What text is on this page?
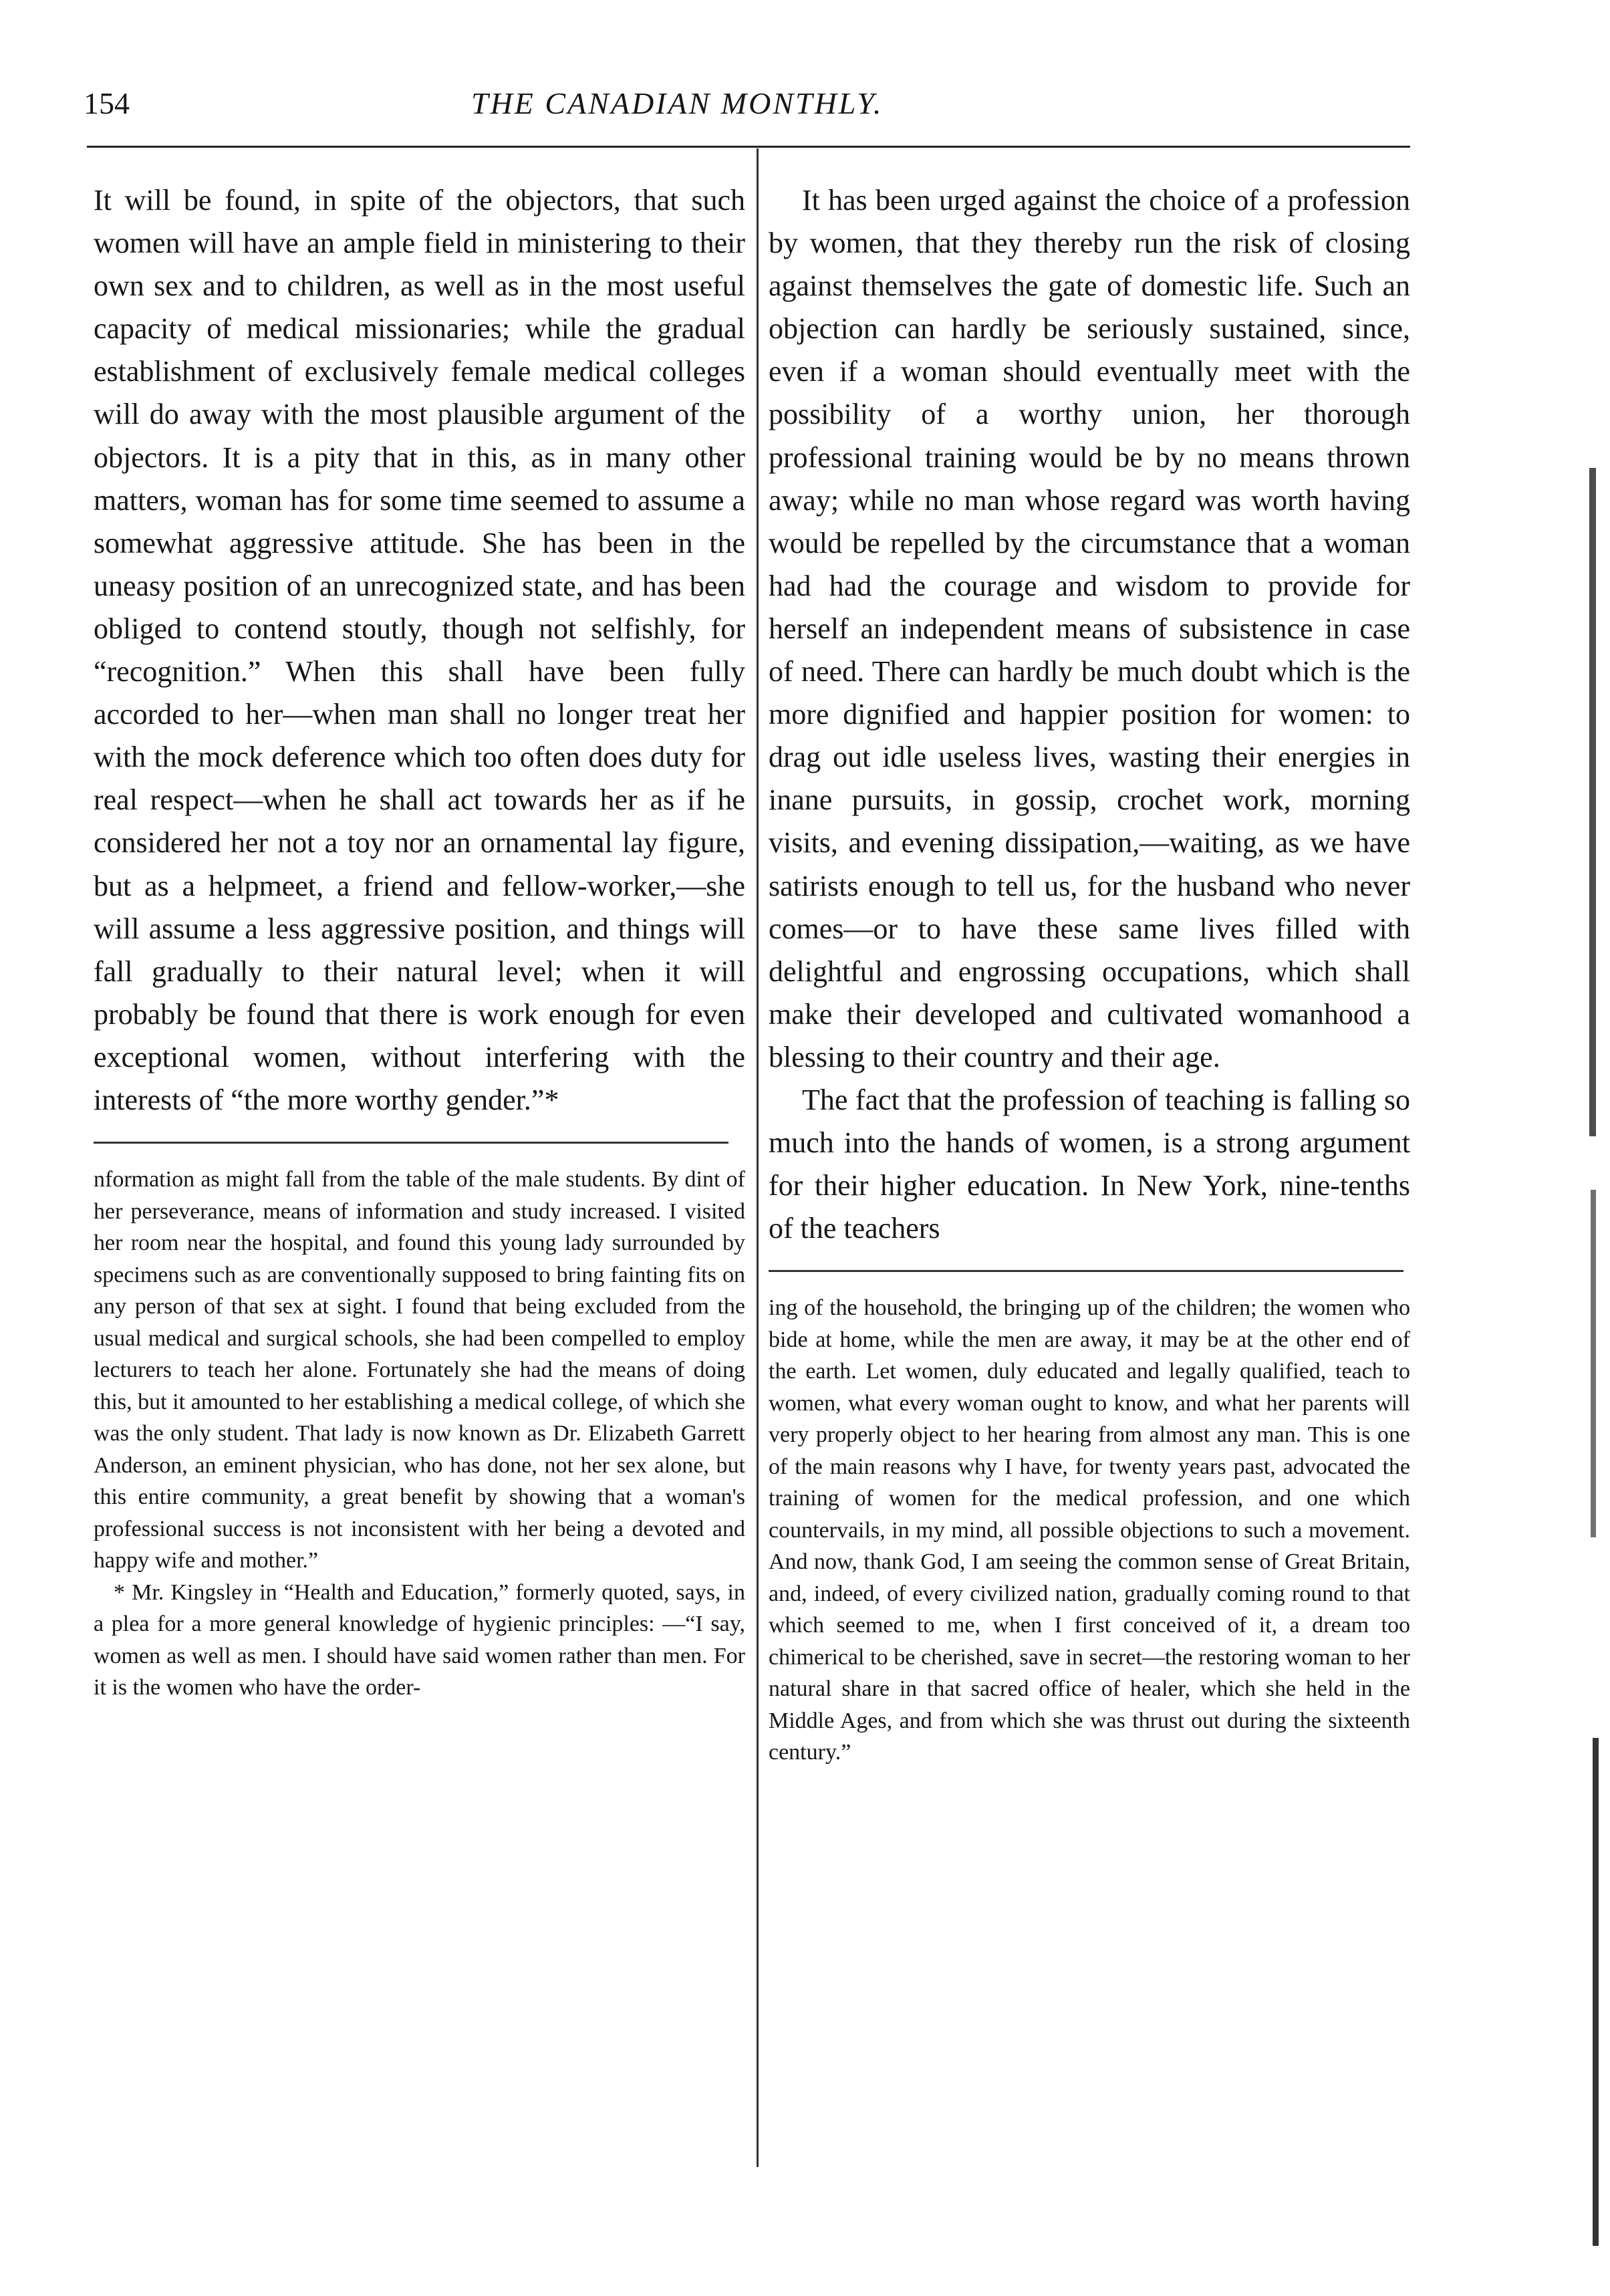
154	THE CANADIAN MONTHLY.

It will be found, in spite of the objectors, that such women will have an ample field in ministering to their own sex and to children, as well as in the most useful capacity of medical missionaries; while the gradual establishment of exclusively female medical colleges will do away with the most plausible argument of the objectors. It is a pity that in this, as in many other matters, woman has for some time seemed to assume a somewhat aggressive attitude. She has been in the uneasy position of an unrecognized state, and has been obliged to contend stoutly, though not selfishly, for “recognition.” When this shall have been fully accorded to her—when man shall no longer treat her with the mock deference which too often does duty for real respect—when he shall act towards her as if he considered her not a toy nor an ornamental lay figure, but as a helpmeet, a friend and fellow-worker,—she will assume a less aggressive position, and things will fall gradually to their natural level; when it will probably be found that there is work enough for even exceptional women, without interfering with the interests of “the more worthy gender.”*

nformation as might fall from the table of the male students. By dint of her perseverance, means of information and study increased. I visited her room near the hospital, and found this young lady surrounded by specimens such as are conventionally supposed to bring fainting fits on any person of that sex at sight. I found that being excluded from the usual medical and surgical schools, she had been compelled to employ lecturers to teach her alone. Fortunately she had the means of doing this, but it amounted to her establishing a medical college, of which she was the only student. That lady is now known as Dr. Elizabeth Garrett Anderson, an eminent physician, who has done, not her sex alone, but this entire community, a great benefit by showing that a woman's professional success is not inconsistent with her being a devoted and happy wife and mother.”

* Mr. Kingsley in “Health and Education,” formerly quoted, says, in a plea for a more general knowledge of hygienic principles: —“I say, women as well as men. I should have said women rather than men. For it is the women who have the order-

It has been urged against the choice of a profession by women, that they thereby run the risk of closing against themselves the gate of domestic life. Such an objection can hardly be seriously sustained, since, even if a woman should eventually meet with the possibility of a worthy union, her thorough professional training would be by no means thrown away; while no man whose regard was worth having would be repelled by the circumstance that a woman had had the courage and wisdom to provide for herself an independent means of subsistence in case of need. There can hardly be much doubt which is the more dignified and happier position for women: to drag out idle useless lives, wasting their energies in inane pursuits, in gossip, crochet work, morning visits, and evening dissipation,—waiting, as we have satirists enough to tell us, for the husband who never comes—or to have these same lives filled with delightful and engrossing occupations, which shall make their developed and cultivated womanhood a blessing to their country and their age.

The fact that the profession of teaching is falling so much into the hands of women, is a strong argument for their higher education. In New York, nine-tenths of the teachers

ing of the household, the bringing up of the children; the women who bide at home, while the men are away, it may be at the other end of the earth. Let women, duly educated and legally qualified, teach to women, what every woman ought to know, and what her parents will very properly object to her hearing from almost any man. This is one of the main reasons why I have, for twenty years past, advocated the training of women for the medical profession, and one which countervails, in my mind, all possible objections to such a movement. And now, thank God, I am seeing the common sense of Great Britain, and, indeed, of every civilized nation, gradually coming round to that which seemed to me, when I first conceived of it, a dream too chimerical to be cherished, save in secret—the restoring woman to her natural share in that sacred office of healer, which she held in the Middle Ages, and from which she was thrust out during the sixteenth century.”
